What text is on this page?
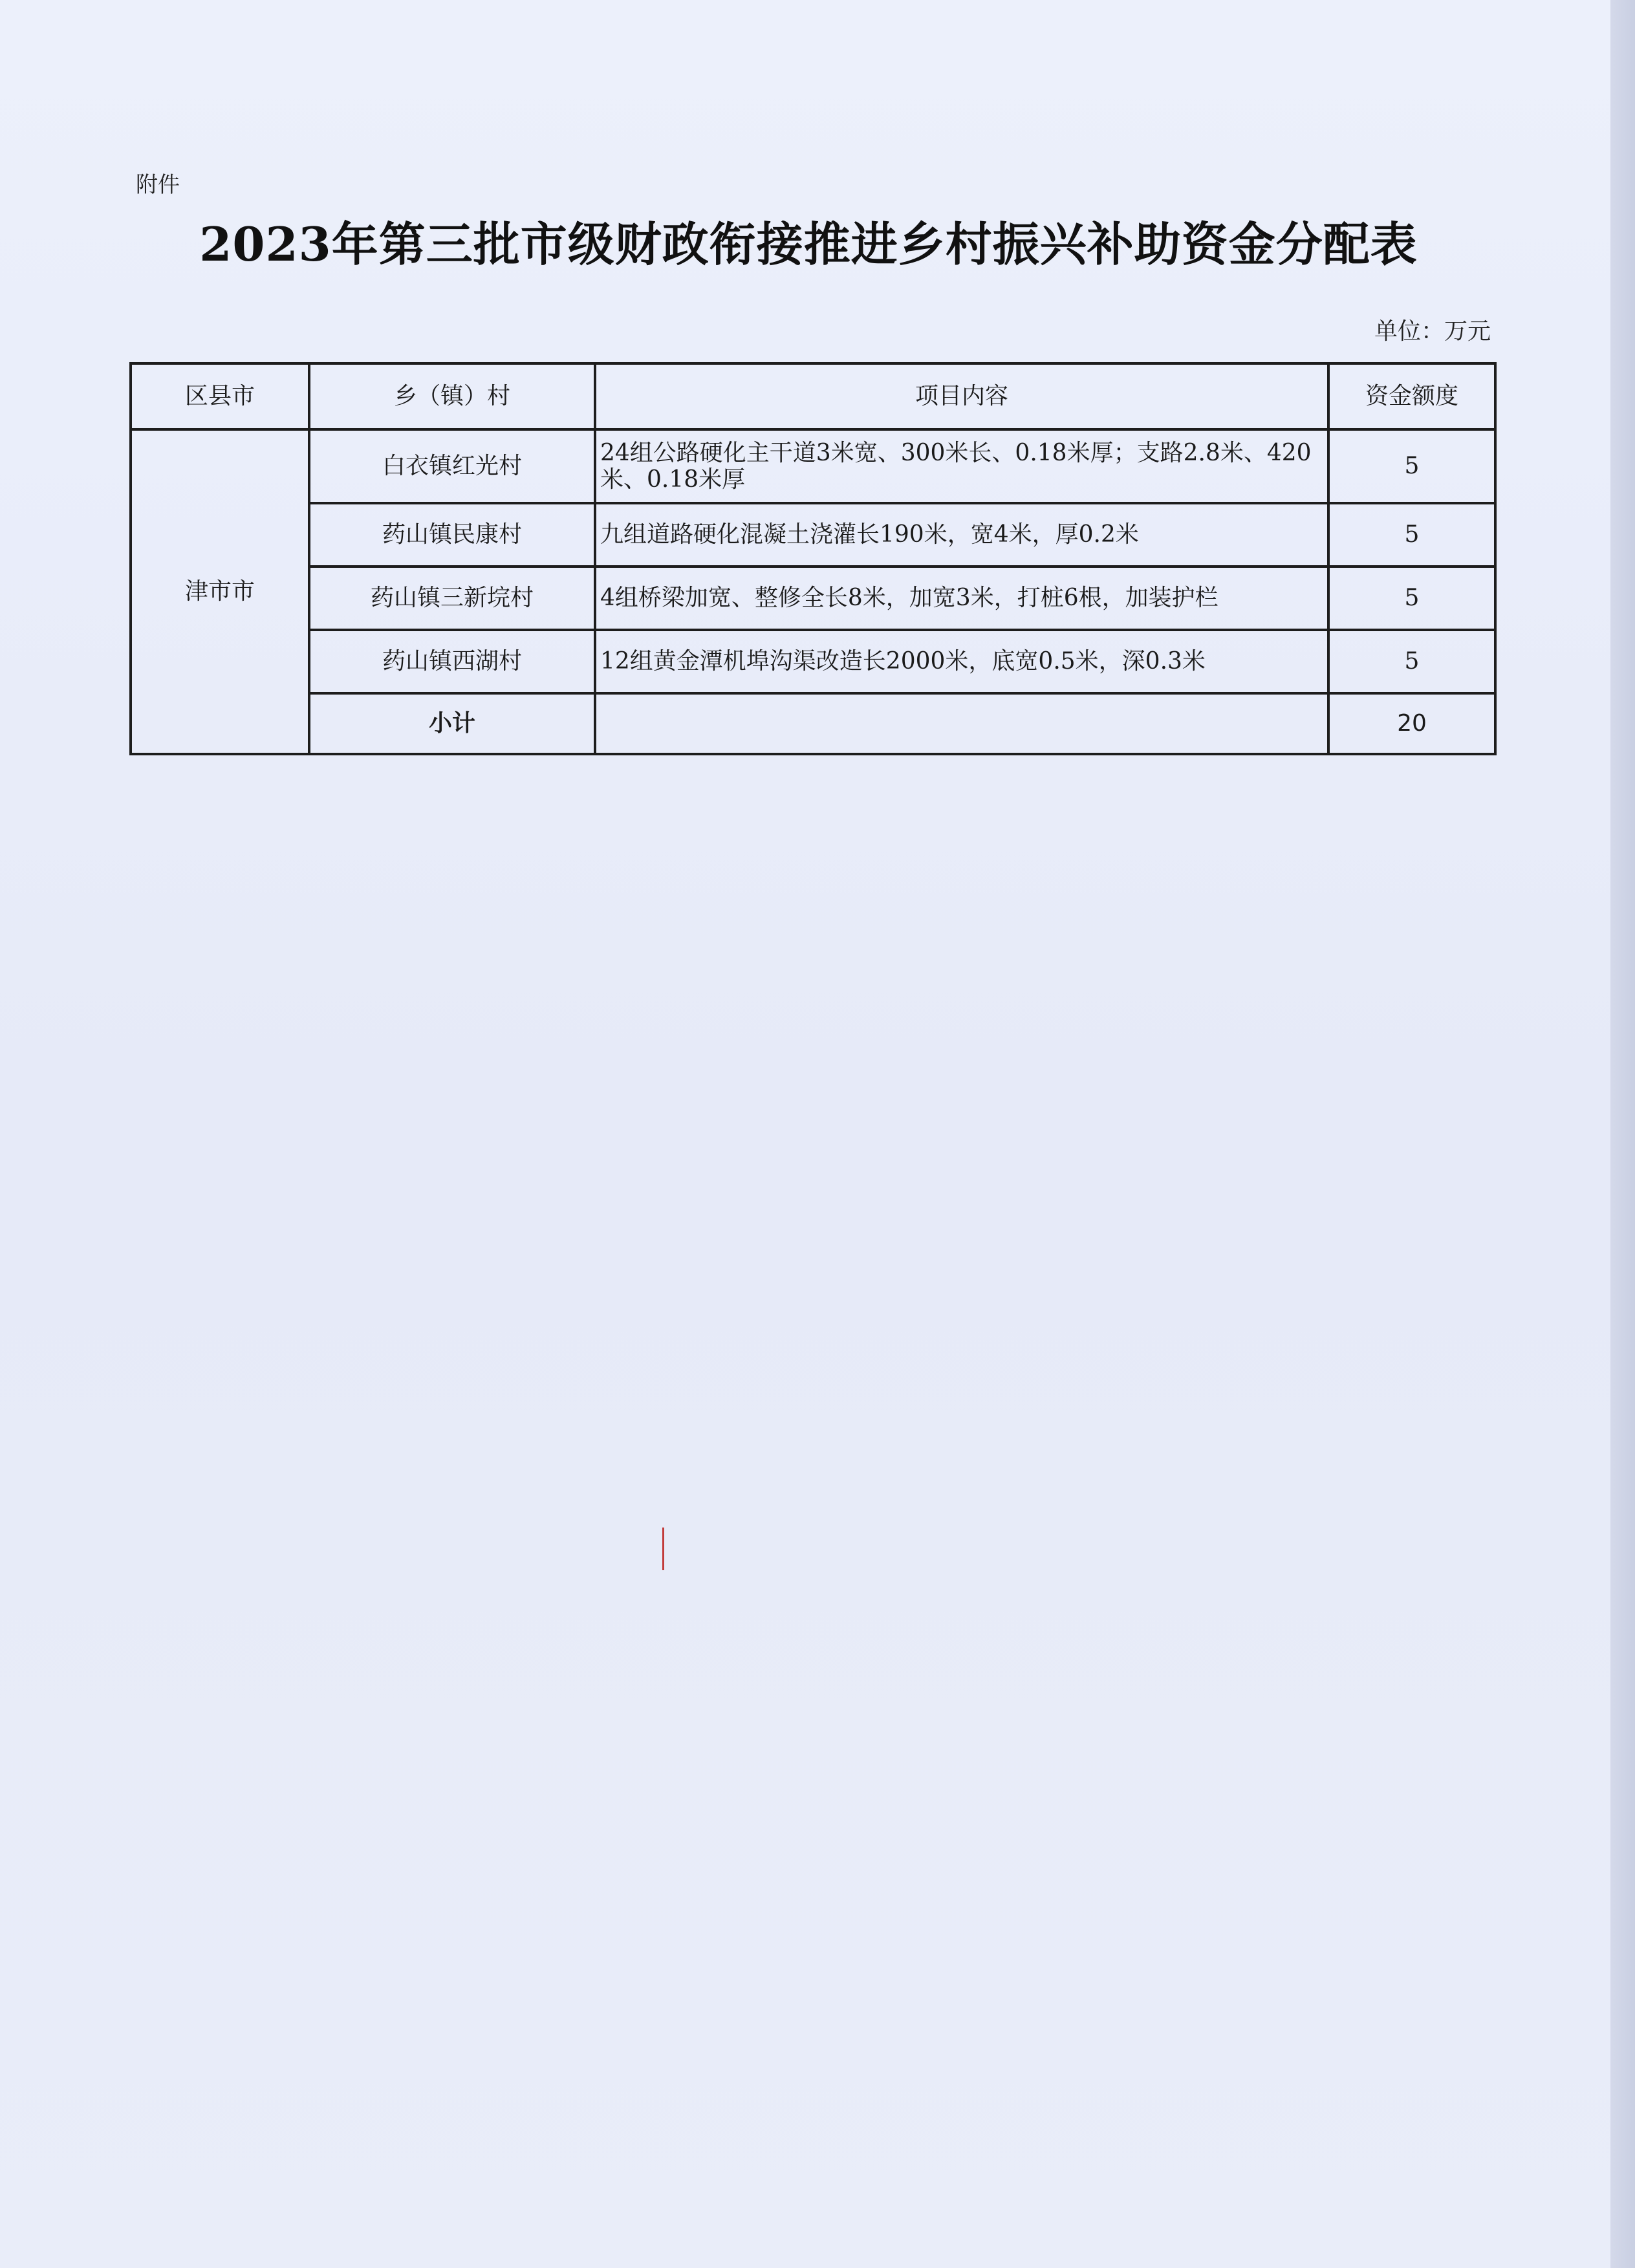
附件
2023年第三批市级财政衔接推进乡村振兴补助资金分配表
单位：万元
区县市	乡（镇）村	项目内容	资金额度
津市市	白衣镇红光村	24组公路硬化主干道3米宽、300米长、0.18米厚；支路2.8米、420米、0.18米厚	5
	药山镇民康村	九组道路硬化混凝土浇灌长190米，宽4米，厚0.2米	5
	药山镇三新垸村	4组桥梁加宽、整修全长8米，加宽3米，打桩6根，加装护栏	5
	药山镇西湖村	12组黄金潭机埠沟渠改造长2000米，底宽0.5米，深0.3米	5
	小计		20
